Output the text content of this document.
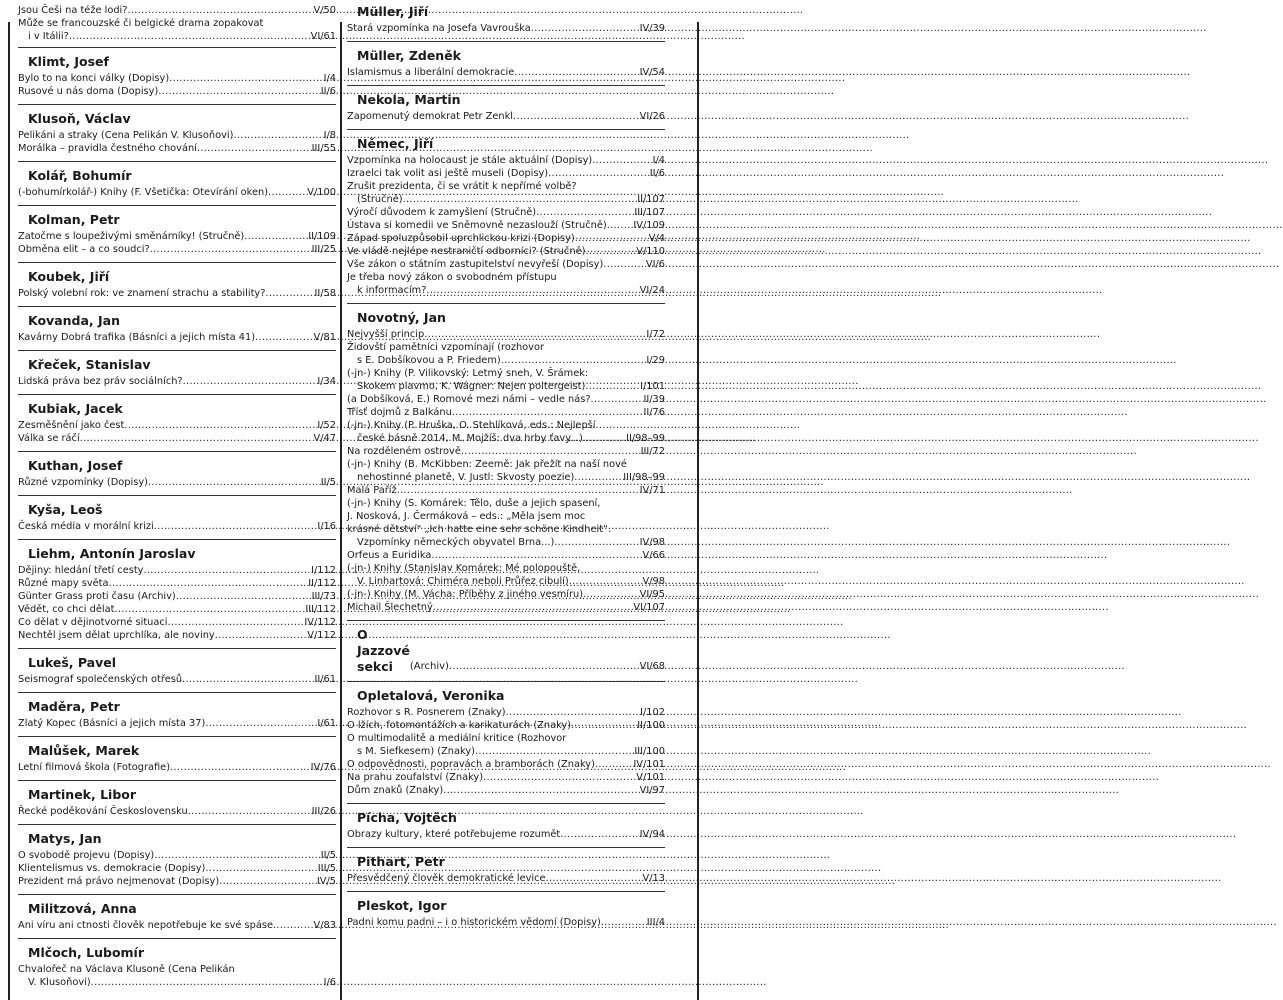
Jsou Češi na téže lodi? .....	V/50
Může se francouzské či belgické drama zopakovat
i v Itálii? .....	VI/61
Klimt, Josef
Bylo to na konci války (Dopisy) .....	I/4
Rusové u nás doma (Dopisy) .....	II/6
Klusoň, Václav
Pelikáni a straky (Cena Pelikán V. Klusoňovi) .....	I/8
Morálka – pravidla čestného chování .....	III/55
Kolář, Bohumír
(-bohumírkolář-) Knihy (F. Všetička: Otevírání oken) .....	V/100
Kolman, Petr
Zatočme s loupeživými směnárníky! (Stručně) .....	II/109
Obměna elit – a co soudci? .....	III/25
Koubek, Jiří
Polský volební rok: ve znamení strachu a stability? .....	II/58
Kovanda, Jan
Kavárny Dobrá trafika (Básníci a jejich místa 41) .....	V/81
Křeček, Stanislav
Lidská práva bez práv sociálních? .....	I/34
Kubiak, Jacek
Zesměšnění jako čest .....	I/52
Válka se ráčí .....	V/47
Kuthan, Josef
Různé vzpomínky (Dopisy) .....	II/5
Kyša, Leoš
Česká média v morální krizi .....	I/16
Liehm, Antonín Jaroslav
Dějiny: hledání třetí cesty .....	I/112
Různé mapy světa .....	II/112
Günter Grass proti času (Archiv) .....	III/73
Vědět, co chci dělat .....	III/112
Co dělat v dějinotvorné situaci .....	IV/112
Nechtěl jsem dělat uprchlíka, ale noviny .....	V/112
Lukeš, Pavel
Seismograf společenských otřesů .....	II/61
Maděra, Petr
Zlatý Kopec (Básníci a jejich místa 37) .....	I/61
Malůšek, Marek
Letní filmová škola (Fotografie) .....	IV/76
Martinek, Libor
Řecké poděkování Československu .....	III/26
Matys, Jan
O svobodě projevu (Dopisy) .....	II/5
Klientelismus vs. demokracie (Dopisy) .....	III/5
Prezident má právo nejmenovat (Dopisy) .....	IV/5
Militzová, Anna
Ani víru ani ctnosti člověk nepotřebuje ke své spáse .....	V/83
Mlčoch, Lubomír
Chvalořeč na Václava Klusoně (Cena Pelikán
V. Klusoňovi) .....	I/6
Müller, Jiří
Stará vzpomínka na Josefa Vavrouška .....	IV/39
Müller, Zdeněk
Islamismus a liberální demokracie .....	IV/54
Nekola, Martin
Zapomenutý demokrat Petr Zenkl .....	VI/26
Němec, Jiří
Vzpomínka na holocaust je stále aktuální (Dopisy) .....	I/4
Izraelci tak volit asi ještě museli (Dopisy) .....	II/6
Zrušit prezidenta, či se vrátit k nepřímé volbě?
(Stručně) .....	II/107
Výročí důvodem k zamyšlení (Stručně) .....	III/107
Ústava si komedii ve Sněmovně nezaslouží (Stručně) .....	IV/109
Západ spoluzpůsobil uprchlickou krizi (Dopisy) .....	V/4
Ve vládě nejlépe nestraničtí odborníci? (Stručně) .....	V/110
Vše zákon o státním zastupitelství nevyřeší (Dopisy) .....	VI/6
Je třeba nový zákon o svobodném přístupu
k informacím? .....	VI/24
Novotný, Jan
Nejvyšší princip .....	I/72
Židovští pamětníci vzpomínají (rozhovor
s E. Dobšíkovou a P. Friedem) .....	I/29
(-jn-) Knihy (P. Vilikovský: Letmý sneh, V. Šrámek:
Skokem plavmo, K. Wágner: Nejen poltergeist) .....	I/101
(a Dobšíková, E.) Romové mezi námi – vedle nás? .....	II/39
Třísť dojmů z Balkánu .....	II/76
(-jn-) Knihy (P. Hruška, O. Stehlíková, eds.: Nejlepší
české básně 2014, M. Mojžíš: dva hrby ťavy...) .....	II/98–99
Na rozděleném ostrově .....	III/72
(-jn-) Knihy (B. McKibben: Zeemě: Jak přežít na naší nové
nehostinné planetě, V. Justl: Skvosty poezie) .....	III/98–99
Malá Paříž .....	IV/71
(-jn-) Knihy (S. Komárek: Tělo, duše a jejich spasení,
J. Nosková, J. Čermáková – eds.: „Měla jsem moc
krásné dětství" „Ich hatte eine sehr schöne Kindheit“.
Vzpomínky německých obyvatel Brna...) .....	IV/98
Orfeus a Euridika .....	V/66
(-jn-) Knihy (Stanislav Komárek: Mé polopouště,
V. Linhartová: Chiméra neboli Průřez cibulí) .....	V/98
(-jn-) Knihy (M. Vácha: Příběhy z jiného vesmíru) .....	VI/95
Michail Šlechetný .....	VI/107
O Jazzové sekci	(Archiv) .....	VI/68
Opletalová, Veronika
Rozhovor s R. Posnerem (Znaky) .....	I/102
O lžích, fotomontážích a karikaturách (Znaky) .....	II/100
O multimodalitě a mediální kritice (Rozhovor
s M. Siefkesem) (Znaky) .....	III/100
O odpovědnosti, popravách a bramborách (Znaky) .....	IV/101
Na prahu zoufalství (Znaky) .....	V/101
Dům znaků (Znaky) .....	VI/97
Pícha, Vojtěch
Obrazy kultury, které potřebujeme rozumět .....	IV/94
Pithart, Petr
Přesvědčený člověk demokratické levice .....	V/13
Pleskot, Igor
Padni komu padni – i o historickém vědomí (Dopisy) .....	III/4
